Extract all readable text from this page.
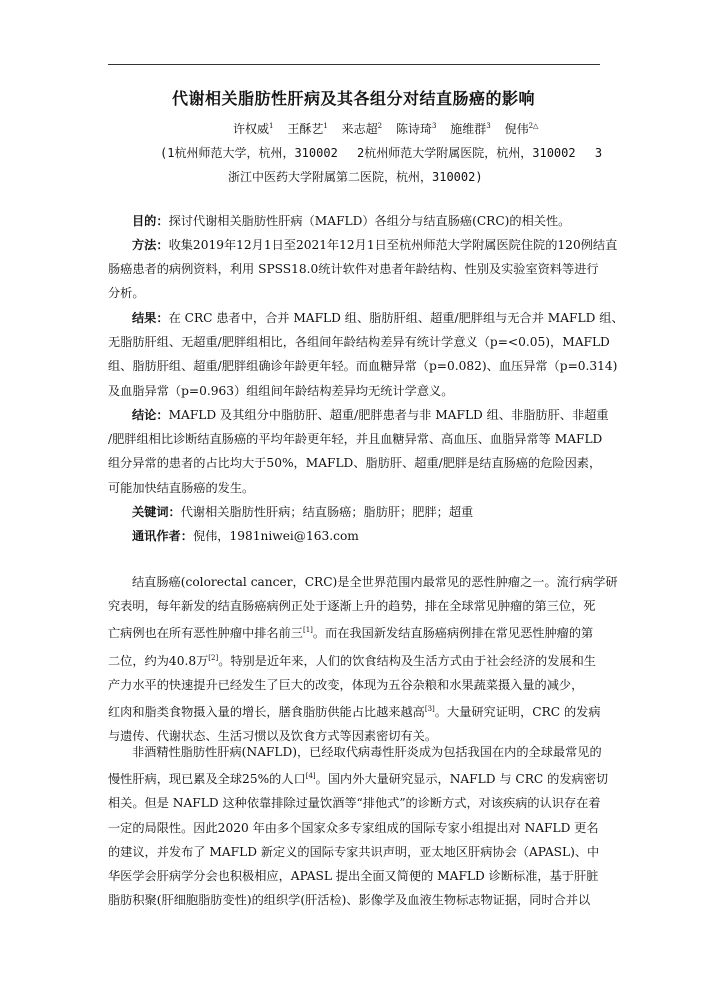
代谢相关脂肪性肝病及其各组分对结直肠癌的影响
许权威$^1$ 王酥艺$^1$ 来志超$^2$ 陈诗琦$^3$ 施维群$^3$ 倪伟$^{2\triangle}$
(1杭州师范大学，杭州，310002　 2杭州师范大学附属医院，杭州，310002　 3
浙江中医药大学附属第二医院，杭州，310002)
目的：探讨代谢相关脂肪性肝病（MAFLD）各组分与结直肠癌(CRC)的相关性。
方法：收集2019年12月1日至2021年12月1日至杭州师范大学附属医院住院的120例结直
肠癌患者的病例资料，利用 SPSS18.0统计软件对患者年龄结构、性别及实验室资料等进行
分析。
结果：在 CRC 患者中，合并 MAFLD 组、脂肪肝组、超重/肥胖组与无合并 MAFLD 组、
无脂肪肝组、无超重/肥胖组相比，各组间年龄结构差异有统计学意义（p=<0.05)，MAFLD
组、脂肪肝组、超重/肥胖组确诊年龄更年轻。而血糖异常（p=0.082)、血压异常（p=0.314)
及血脂异常（p=0.963）组组间年龄结构差异均无统计学意义。
结论：MAFLD 及其组分中脂肪肝、超重/肥胖患者与非 MAFLD 组、非脂肪肝、非超重
/肥胖组相比诊断结直肠癌的平均年龄更年轻，并且血糖异常、高血压、血脂异常等 MAFLD
组分异常的患者的占比均大于50%，MAFLD、脂肪肝、超重/肥胖是结直肠癌的危险因素，
可能加快结直肠癌的发生。
关键词：代谢相关脂肪性肝病；结直肠癌；脂肪肝；肥胖；超重
通讯作者：倪伟，1981niwei@163.com
结直肠癌(colorectal cancer，CRC)是全世界范围内最常见的恶性肿瘤之一。流行病学研
究表明，每年新发的结直肠癌病例正处于逐渐上升的趋势，排在全球常见肿瘤的第三位，死
亡病例也在所有恶性肿瘤中排名前三[1]。而在我国新发结直肠癌病例排在常见恶性肿瘤的第
二位，约为40.8万[2]。特别是近年来，人们的饮食结构及生活方式由于社会经济的发展和生
产力水平的快速提升已经发生了巨大的改变，体现为五谷杂粮和水果蔬菜摄入量的减少，
红肉和脂类食物摄入量的增长，膳食脂肪供能占比越来越高[3]。大量研究证明，CRC 的发病
与遗传、代谢状态、生活习惯以及饮食方式等因素密切有关。
非酒精性脂肪性肝病(NAFLD)，已经取代病毒性肝炎成为包括我国在内的全球最常见的
慢性肝病，现已累及全球25%的人口[4]。国内外大量研究显示，NAFLD 与 CRC 的发病密切
相关。但是 NAFLD 这种依靠排除过量饮酒等“排他式”的诊断方式，对该疾病的认识存在着
一定的局限性。因此2020 年由多个国家众多专家组成的国际专家小组提出对 NAFLD 更名
的建议，并发布了 MAFLD 新定义的国际专家共识声明，亚太地区肝病协会（APASL)、中
华医学会肝病学分会也积极相应，APASL 提出全面又简便的 MAFLD 诊断标准，基于肝脏
脂肪积聚(肝细胞脂肪变性)的组织学(肝活检)、影像学及血液生物标志物证据，同时合并以
